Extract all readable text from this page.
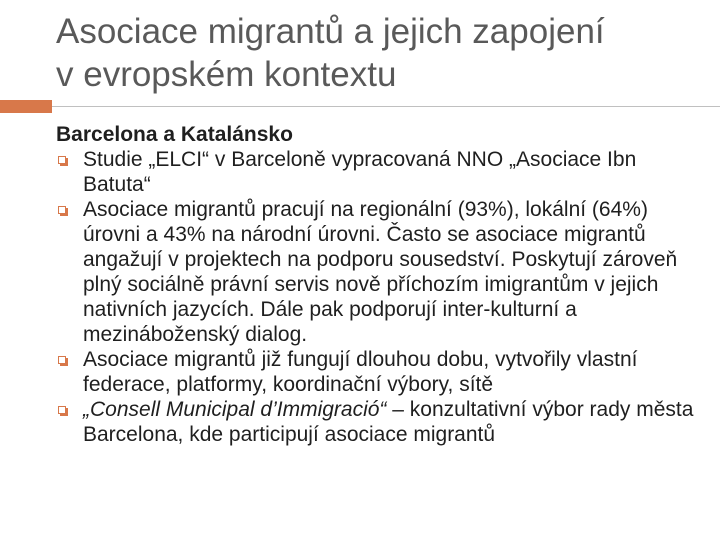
Asociace migrantů a jejich zapojení
v evropském kontextu
Barcelona a Katalánsko
Studie „ELCI“ v Barceloně vypracovaná NNO „Asociace Ibn Batuta“
Asociace migrantů pracují na regionální (93%), lokální (64%) úrovni a 43% na národní úrovni. Často se asociace migrantů angažují v projektech na podporu sousedství. Poskytují zároveň plný sociálně právní servis nově příchozím imigrantům v jejich nativních jazycích. Dále pak podporují inter-kulturní a mezináboženský dialog.
Asociace migrantů již fungují dlouhou dobu, vytvořily vlastní federace, platformy, koordinační výbory, sítě
„Consell Municipal d’Immigració“ – konzultativní výbor rady města Barcelona, kde participují asociace migrantů
